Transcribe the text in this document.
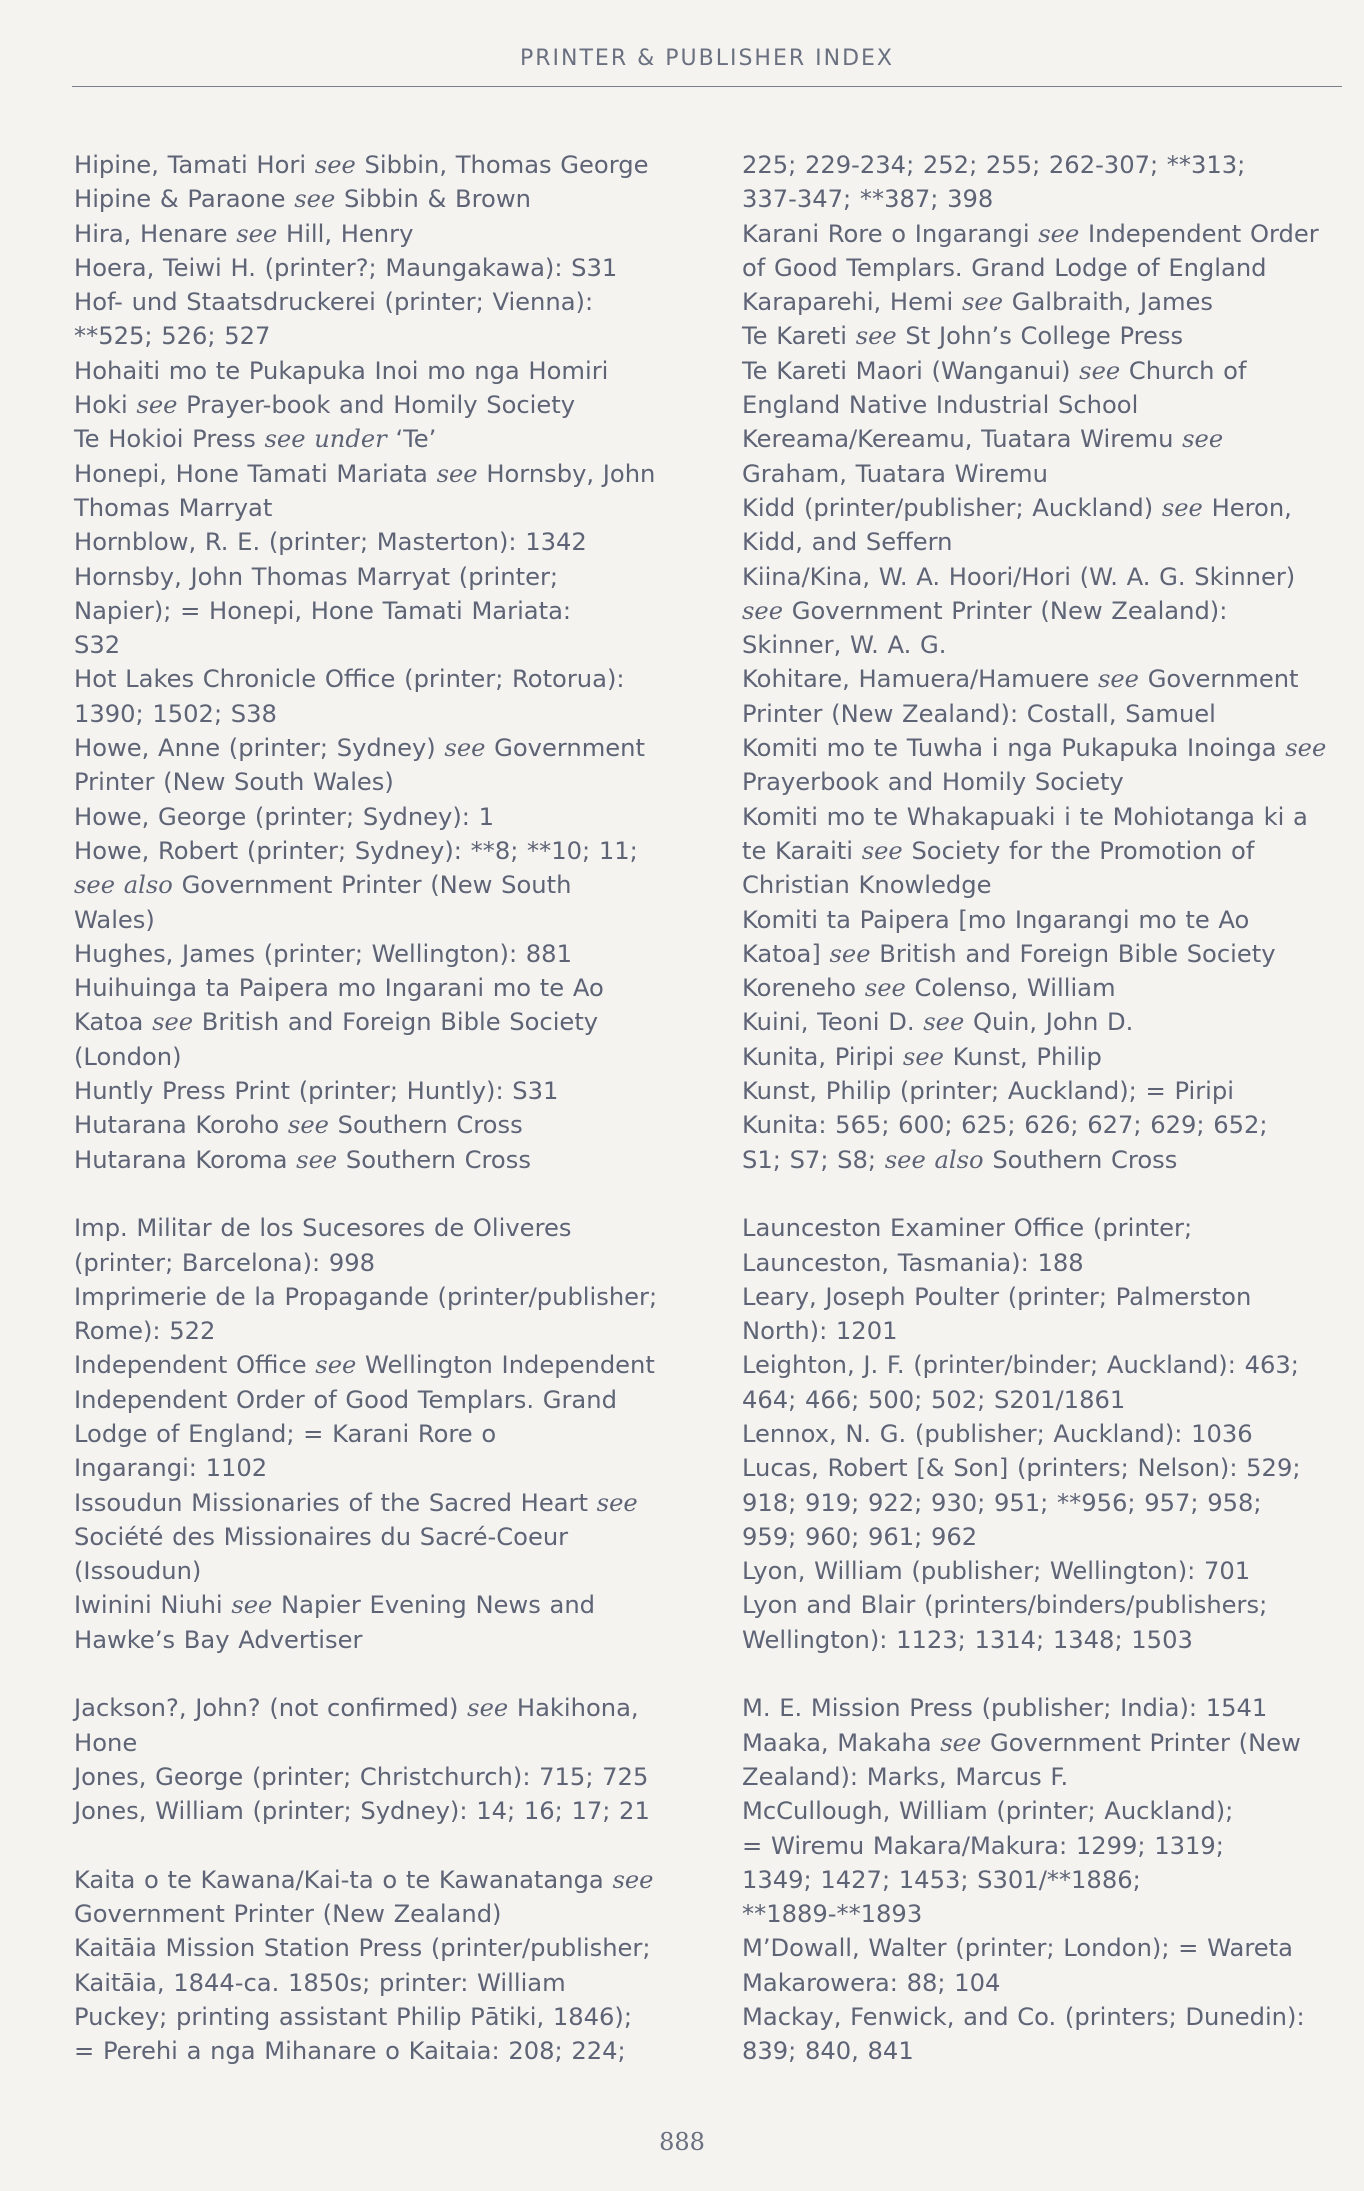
PRINTER & PUBLISHER INDEX
Hipine, Tamati Hori see Sibbin, Thomas George
Hipine & Paraone see Sibbin & Brown
Hira, Henare see Hill, Henry
Hoera, Teiwi H. (printer?; Maungakawa): S31
Hof- und Staatsdruckerei (printer; Vienna):
**525; 526; 527
Hohaiti mo te Pukapuka Inoi mo nga Homiri
Hoki see Prayer-book and Homily Society
Te Hokioi Press see under ‘Te’
Honepi, Hone Tamati Mariata see Hornsby, John
Thomas Marryat
Hornblow, R. E. (printer; Masterton): 1342
Hornsby, John Thomas Marryat (printer;
Napier); = Honepi, Hone Tamati Mariata:
S32
Hot Lakes Chronicle Office (printer; Rotorua):
1390; 1502; S38
Howe, Anne (printer; Sydney) see Government
Printer (New South Wales)
Howe, George (printer; Sydney): 1
Howe, Robert (printer; Sydney): **8; **10; 11;
see also Government Printer (New South
Wales)
Hughes, James (printer; Wellington): 881
Huihuinga ta Paipera mo Ingarani mo te Ao
Katoa see British and Foreign Bible Society
(London)
Huntly Press Print (printer; Huntly): S31
Hutarana Koroho see Southern Cross
Hutarana Koroma see Southern Cross
Imp. Militar de los Sucesores de Oliveres
(printer; Barcelona): 998
Imprimerie de la Propagande (printer/publisher;
Rome): 522
Independent Office see Wellington Independent
Independent Order of Good Templars. Grand
Lodge of England; = Karani Rore o
Ingarangi: 1102
Issoudun Missionaries of the Sacred Heart see
Société des Missionaires du Sacré-Coeur
(Issoudun)
Iwinini Niuhi see Napier Evening News and
Hawke’s Bay Advertiser
Jackson?, John? (not confirmed) see Hakihona,
Hone
Jones, George (printer; Christchurch): 715; 725
Jones, William (printer; Sydney): 14; 16; 17; 21
Kaita o te Kawana/Kai-ta o te Kawanatanga see
Government Printer (New Zealand)
Kaitāia Mission Station Press (printer/publisher;
Kaitāia, 1844-ca. 1850s; printer: William
Puckey; printing assistant Philip Pātiki, 1846);
= Perehi a nga Mihanare o Kaitaia: 208; 224;
225; 229-234; 252; 255; 262-307; **313;
337-347; **387; 398
Karani Rore o Ingarangi see Independent Order
of Good Templars. Grand Lodge of England
Karaparehi, Hemi see Galbraith, James
Te Kareti see St John’s College Press
Te Kareti Maori (Wanganui) see Church of
England Native Industrial School
Kereama/Kereamu, Tuatara Wiremu see
Graham, Tuatara Wiremu
Kidd (printer/publisher; Auckland) see Heron,
Kidd, and Seffern
Kiina/Kina, W. A. Hoori/Hori (W. A. G. Skinner)
see Government Printer (New Zealand):
Skinner, W. A. G.
Kohitare, Hamuera/Hamuere see Government
Printer (New Zealand): Costall, Samuel
Komiti mo te Tuwha i nga Pukapuka Inoinga see
Prayerbook and Homily Society
Komiti mo te Whakapuaki i te Mohiotanga ki a
te Karaiti see Society for the Promotion of
Christian Knowledge
Komiti ta Paipera [mo Ingarangi mo te Ao
Katoa] see British and Foreign Bible Society
Koreneho see Colenso, William
Kuini, Teoni D. see Quin, John D.
Kunita, Piripi see Kunst, Philip
Kunst, Philip (printer; Auckland); = Piripi
Kunita: 565; 600; 625; 626; 627; 629; 652;
S1; S7; S8; see also Southern Cross
Launceston Examiner Office (printer;
Launceston, Tasmania): 188
Leary, Joseph Poulter (printer; Palmerston
North): 1201
Leighton, J. F. (printer/binder; Auckland): 463;
464; 466; 500; 502; S201/1861
Lennox, N. G. (publisher; Auckland): 1036
Lucas, Robert [& Son] (printers; Nelson): 529;
918; 919; 922; 930; 951; **956; 957; 958;
959; 960; 961; 962
Lyon, William (publisher; Wellington): 701
Lyon and Blair (printers/binders/publishers;
Wellington): 1123; 1314; 1348; 1503
M. E. Mission Press (publisher; India): 1541
Maaka, Makaha see Government Printer (New
Zealand): Marks, Marcus F.
McCullough, William (printer; Auckland);
= Wiremu Makara/Makura: 1299; 1319;
1349; 1427; 1453; S301/**1886;
**1889-**1893
M’Dowall, Walter (printer; London); = Wareta
Makarowera: 88; 104
Mackay, Fenwick, and Co. (printers; Dunedin):
839; 840, 841
888
